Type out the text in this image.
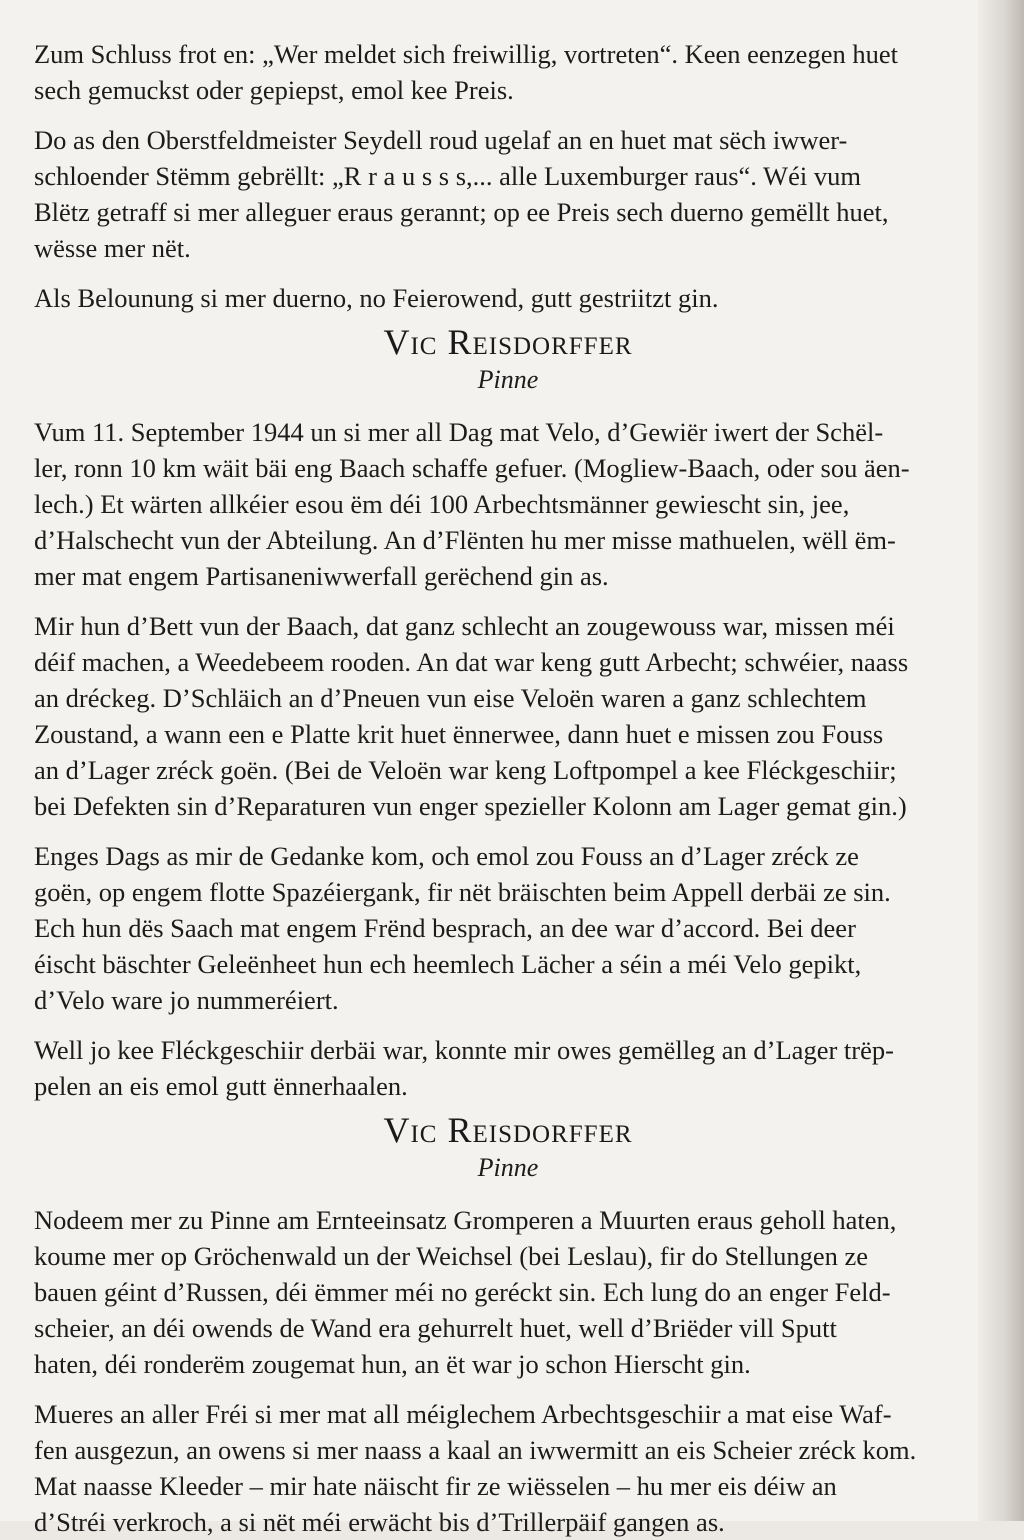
Zum Schluss frot en: „Wer meldet sich freiwillig, vortreten“. Keen eenzegen huet
sech gemuckst oder gepiepst, emol kee Preis.

Do as den Oberstfeldmeister Seydell roud ugelaf an en huet mat sëch iwwer-
schloender Stëmm gebrëllt: „R r a u s s s,... alle Luxemburger raus“. Wéi vum
Blëtz getraff si mer alleguer eraus gerannt; op ee Preis sech duerno gemëllt huet,
wësse mer nët.

Als Belounung si mer duerno, no Feierowend, gutt gestriitzt gin.

Vic Reisdorffer
Pinne

Vum 11. September 1944 un si mer all Dag mat Velo, d’Gewiër iwert der Schël-
ler, ronn 10 km wäit bäi eng Baach schaffe gefuer. (Mogliew-Baach, oder sou äen-
lech.) Et wärten allkéier esou ëm déi 100 Arbechtsmänner gewiescht sin, jee,
d’Halschecht vun der Abteilung. An d’Flënten hu mer misse mathuelen, wëll ëm-
mer mat engem Partisaneniwwerfall gerëchend gin as.

Mir hun d’Bett vun der Baach, dat ganz schlecht an zougewouss war, missen méi
déif machen, a Weedebeem rooden. An dat war keng gutt Arbecht; schwéier, naass
an dréckeg. D’Schläich an d’Pneuen vun eise Veloën waren a ganz schlechtem
Zoustand, a wann een e Platte krit huet ënnerwee, dann huet e missen zou Fouss
an d’Lager zréck goën. (Bei de Veloën war keng Loftpompel a kee Fléckgeschiir;
bei Defekten sin d’Reparaturen vun enger spezieller Kolonn am Lager gemat gin.)

Enges Dags as mir de Gedanke kom, och emol zou Fouss an d’Lager zréck ze
goën, op engem flotte Spazéiergank, fir nët bräischten beim Appell derbäi ze sin.
Ech hun dës Saach mat engem Frënd besprach, an dee war d’accord. Bei deer
éischt bäschter Geleënheet hun ech heemlech Lächer a séin a méi Velo gepikt,
d’Velo ware jo nummeréiert.

Well jo kee Fléckgeschiir derbäi war, konnte mir owes gemëlleg an d’Lager trëp-
pelen an eis emol gutt ënnerhaalen.

Vic Reisdorffer
Pinne

Nodeem mer zu Pinne am Ernteeinsatz Gromperen a Muurten eraus geholl haten,
koume mer op Gröchenwald un der Weichsel (bei Leslau), fir do Stellungen ze
bauen géint d’Russen, déi ëmmer méi no geréckt sin. Ech lung do an enger Feld-
scheier, an déi owends de Wand era gehurrelt huet, well d’Briëder vill Sputt
haten, déi ronderëm zougemat hun, an ët war jo schon Hierscht gin.

Mueres an aller Fréi si mer mat all méiglechem Arbechtsgeschiir a mat eise Waf-
fen ausgezun, an owens si mer naass a kaal an iwwermitt an eis Scheier zréck kom.
Mat naasse Kleeder – mir hate näischt fir ze wiësselen – hu mer eis déiw an
d’Stréi verkroch, a si nët méi erwächt bis d’Trillerpäif gangen as.
